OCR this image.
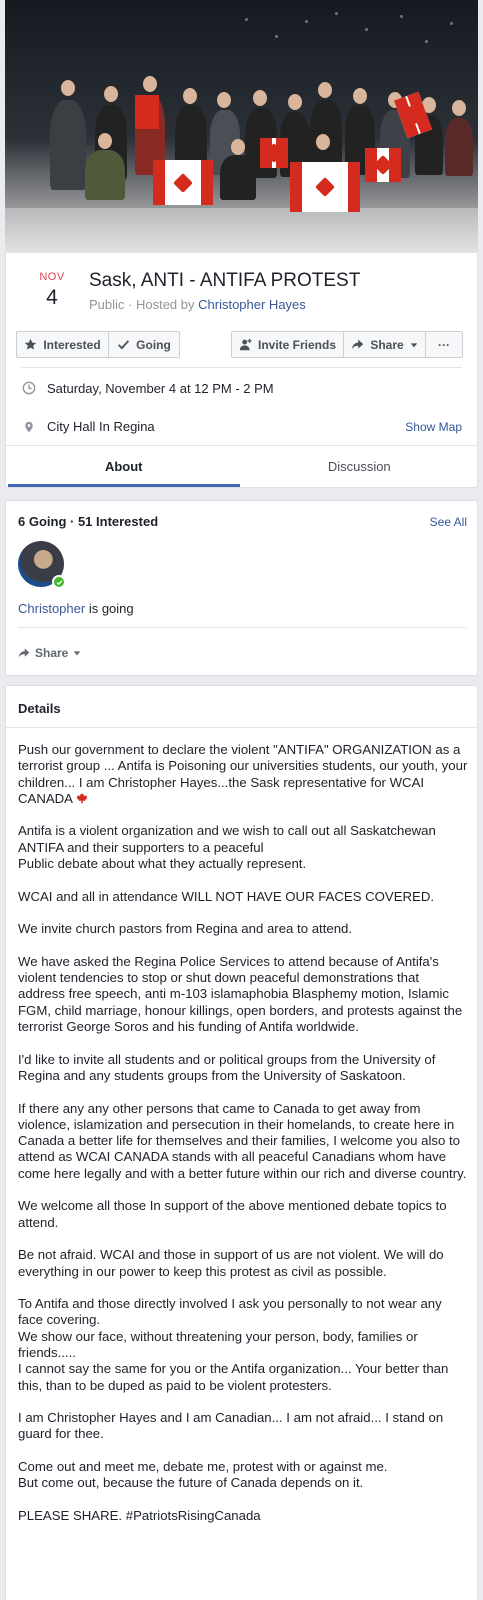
NOV
4
Sask, ANTI - ANTIFA PROTEST
Public · Hosted by Christopher Hayes
Interested	Going	Invite Friends	Share	···
Saturday, November 4 at 12 PM - 2 PM
City Hall In Regina	Show Map
About	Discussion
6 Going · 51 Interested	See All
Christopher is going
Share
Details

Push our government to declare the violent "ANTIFA" ORGANIZATION as a terrorist group ... Antifa is Poisoning our universities students, our youth, your children... I am Christopher Hayes...the Sask representative for WCAI CANADA

Antifa is a violent organization and we wish to call out all Saskatchewan ANTIFA and their supporters to a peaceful
Public debate about what they actually represent.

WCAI and all in attendance WILL NOT HAVE OUR FACES COVERED.

We invite church pastors from Regina and area to attend.

We have asked the Regina Police Services to attend because of Antifa's violent tendencies to stop or shut down peaceful demonstrations that address free speech, anti m-103 islamaphobia Blasphemy motion, Islamic FGM, child marriage, honour killings, open borders, and protests against the terrorist George Soros and his funding of Antifa worldwide.

I'd like to invite all students and or political groups from the University of Regina and any students groups from the University of Saskatoon.

If there any any other persons that came to Canada to get away from violence, islamization and persecution in their homelands, to create here in Canada a better life for themselves and their families, I welcome you also to attend as WCAI CANADA stands with all peaceful Canadians whom have come here legally and with a better future within our rich and diverse country.

We welcome all those In support of the above mentioned debate topics to attend.

Be not afraid. WCAI and those in support of us are not violent. We will do everything in our power to keep this protest as civil as possible.

To Antifa and those directly involved I ask you personally to not wear any face covering.
We show our face, without threatening your person, body, families or friends.....
I cannot say the same for you or the Antifa organization... Your better than this, than to be duped as paid to be violent protesters.

I am Christopher Hayes and I am Canadian... I am not afraid... I stand on guard for thee.

Come out and meet me, debate me, protest with or against me.
But come out, because the future of Canada depends on it.

PLEASE SHARE. #PatriotsRisingCanada
